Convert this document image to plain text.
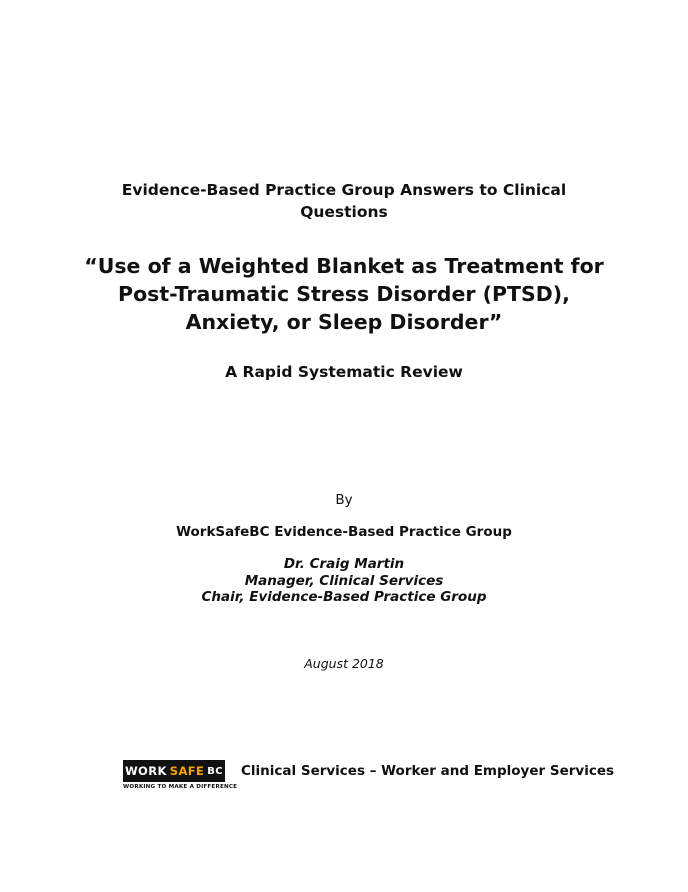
Evidence-Based Practice Group Answers to Clinical
Questions
“Use of a Weighted Blanket as Treatment for
Post-Traumatic Stress Disorder (PTSD),
Anxiety, or Sleep Disorder”
A Rapid Systematic Review
By
WorkSafeBC Evidence-Based Practice Group
Dr. Craig Martin
Manager, Clinical Services
Chair, Evidence-Based Practice Group
August 2018
WORK SAFE BC
WORKING TO MAKE A DIFFERENCE
Clinical Services – Worker and Employer Services
